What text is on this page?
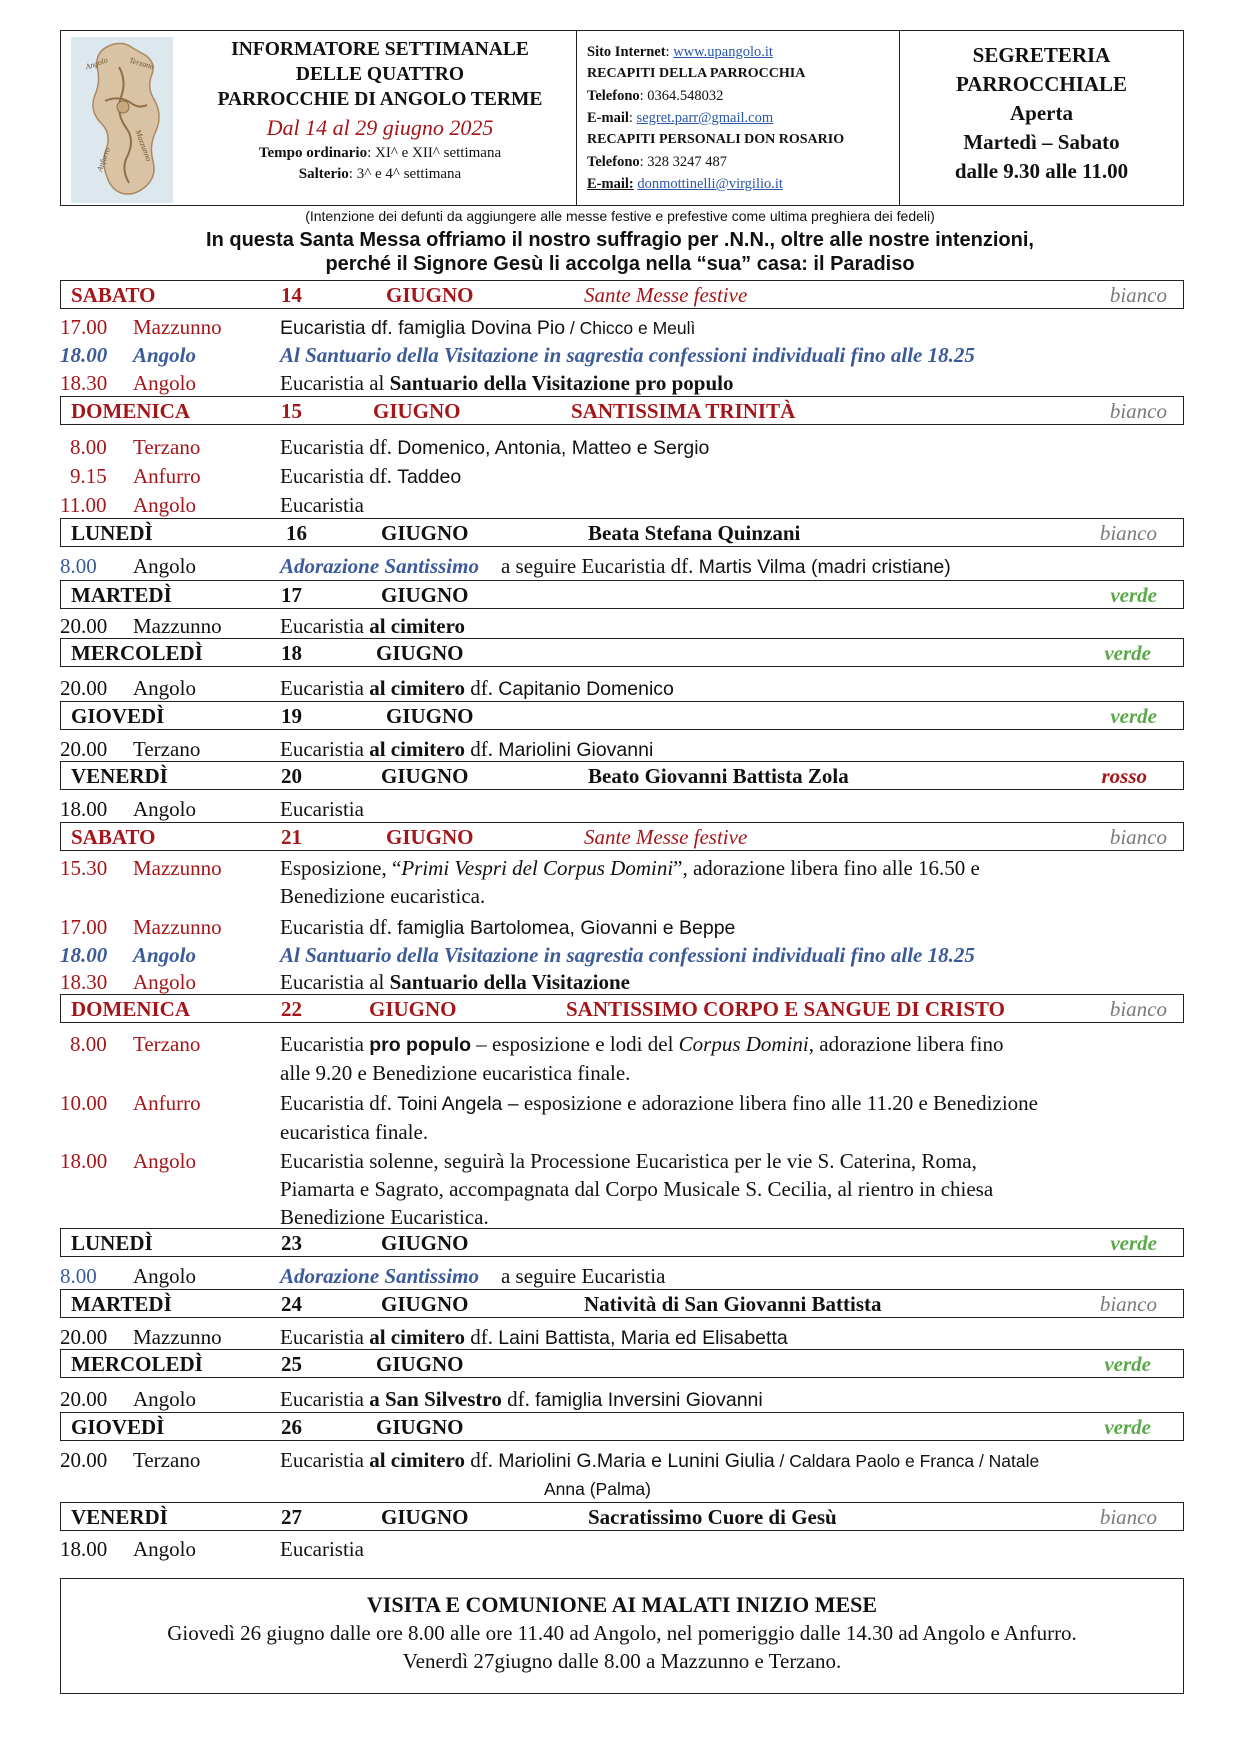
Angolo Terzano
Mazzunno
Anfurro
INFORMATORE SETTIMANALE
DELLE QUATTRO
PARROCCHIE DI ANGOLO TERME
Dal 14 al 29 giugno 2025
Tempo ordinario: XI^ e XII^ settimana
Salterio: 3^ e 4^ settimana
Sito Internet: www.upangolo.it
RECAPITI DELLA PARROCCHIA
Telefono: 0364.548032
E-mail: segret.parr@gmail.com
RECAPITI PERSONALI DON ROSARIO
Telefono: 328 3247 487
E-mail: donmottinelli@virgilio.it
SEGRETERIA
PARROCCHIALE
Aperta
Martedì – Sabato
dalle 9.30 alle 11.00
(Intenzione dei defunti da aggiungere alle messe festive e prefestive come ultima preghiera dei fedeli)
In questa Santa Messa offriamo il nostro suffragio per .N.N., oltre alle nostre intenzioni,
perché il Signore Gesù li accolga nella “sua” casa: il Paradiso
SABATO	14	GIUGNO	Sante Messe festive	bianco
17.00 Mazzunno	Eucaristia df. famiglia Dovina Pio / Chicco e Meulì
18.00 Angolo	Al Santuario della Visitazione in sagrestia confessioni individuali fino alle 18.25
18.30 Angolo	Eucaristia al Santuario della Visitazione pro populo
DOMENICA	15	GIUGNO	SANTISSIMA TRINITÀ	bianco
8.00 Terzano	Eucaristia df. Domenico, Antonia, Matteo e Sergio
9.15 Anfurro	Eucaristia df. Taddeo
11.00 Angolo	Eucaristia
LUNEDÌ	16	GIUGNO	Beata Stefana Quinzani	bianco
8.00 Angolo	Adorazione Santissimo a seguire Eucaristia df. Martis Vilma (madri cristiane)
MARTEDÌ	17	GIUGNO	verde
20.00 Mazzunno	Eucaristia al cimitero
MERCOLEDÌ	18	GIUGNO	verde
20.00 Angolo	Eucaristia al cimitero df. Capitanio Domenico
GIOVEDÌ	19	GIUGNO	verde
20.00 Terzano	Eucaristia al cimitero df. Mariolini Giovanni
VENERDÌ	20	GIUGNO	Beato Giovanni Battista Zola	rosso
18.00 Angolo	Eucaristia
SABATO	21	GIUGNO	Sante Messe festive	bianco
15.30 Mazzunno	Esposizione, “Primi Vespri del Corpus Domini”, adorazione libera fino alle 16.50 e
Benedizione eucaristica.
17.00 Mazzunno	Eucaristia df. famiglia Bartolomea, Giovanni e Beppe
18.00 Angolo	Al Santuario della Visitazione in sagrestia confessioni individuali fino alle 18.25
18.30 Angolo	Eucaristia al Santuario della Visitazione
DOMENICA	22	GIUGNO	SANTISSIMO CORPO E SANGUE DI CRISTO	bianco
8.00 Terzano	Eucaristia pro populo – esposizione e lodi del Corpus Domini, adorazione libera fino
alle 9.20 e Benedizione eucaristica finale.
10.00 Anfurro	Eucaristia df. Toini Angela – esposizione e adorazione libera fino alle 11.20 e Benedizione
eucaristica finale.
18.00 Angolo	Eucaristia solenne, seguirà la Processione Eucaristica per le vie S. Caterina, Roma,
Piamarta e Sagrato, accompagnata dal Corpo Musicale S. Cecilia, al rientro in chiesa
Benedizione Eucaristica.
LUNEDÌ	23	GIUGNO	verde
8.00 Angolo	Adorazione Santissimo a seguire Eucaristia
MARTEDÌ	24	GIUGNO	Natività di San Giovanni Battista	bianco
20.00 Mazzunno	Eucaristia al cimitero df. Laini Battista, Maria ed Elisabetta
MERCOLEDÌ	25	GIUGNO	verde
20.00 Angolo	Eucaristia a San Silvestro df. famiglia Inversini Giovanni
GIOVEDÌ	26	GIUGNO	verde
20.00 Terzano	Eucaristia al cimitero df. Mariolini G.Maria e Lunini Giulia / Caldara Paolo e Franca / Natale
Anna (Palma)
VENERDÌ	27	GIUGNO	Sacratissimo Cuore di Gesù	bianco
18.00 Angolo	Eucaristia
VISITA E COMUNIONE AI MALATI INIZIO MESE
Giovedì 26 giugno dalle ore 8.00 alle ore 11.40 ad Angolo, nel pomeriggio dalle 14.30 ad Angolo e Anfurro.
Venerdì 27giugno dalle 8.00 a Mazzunno e Terzano.
